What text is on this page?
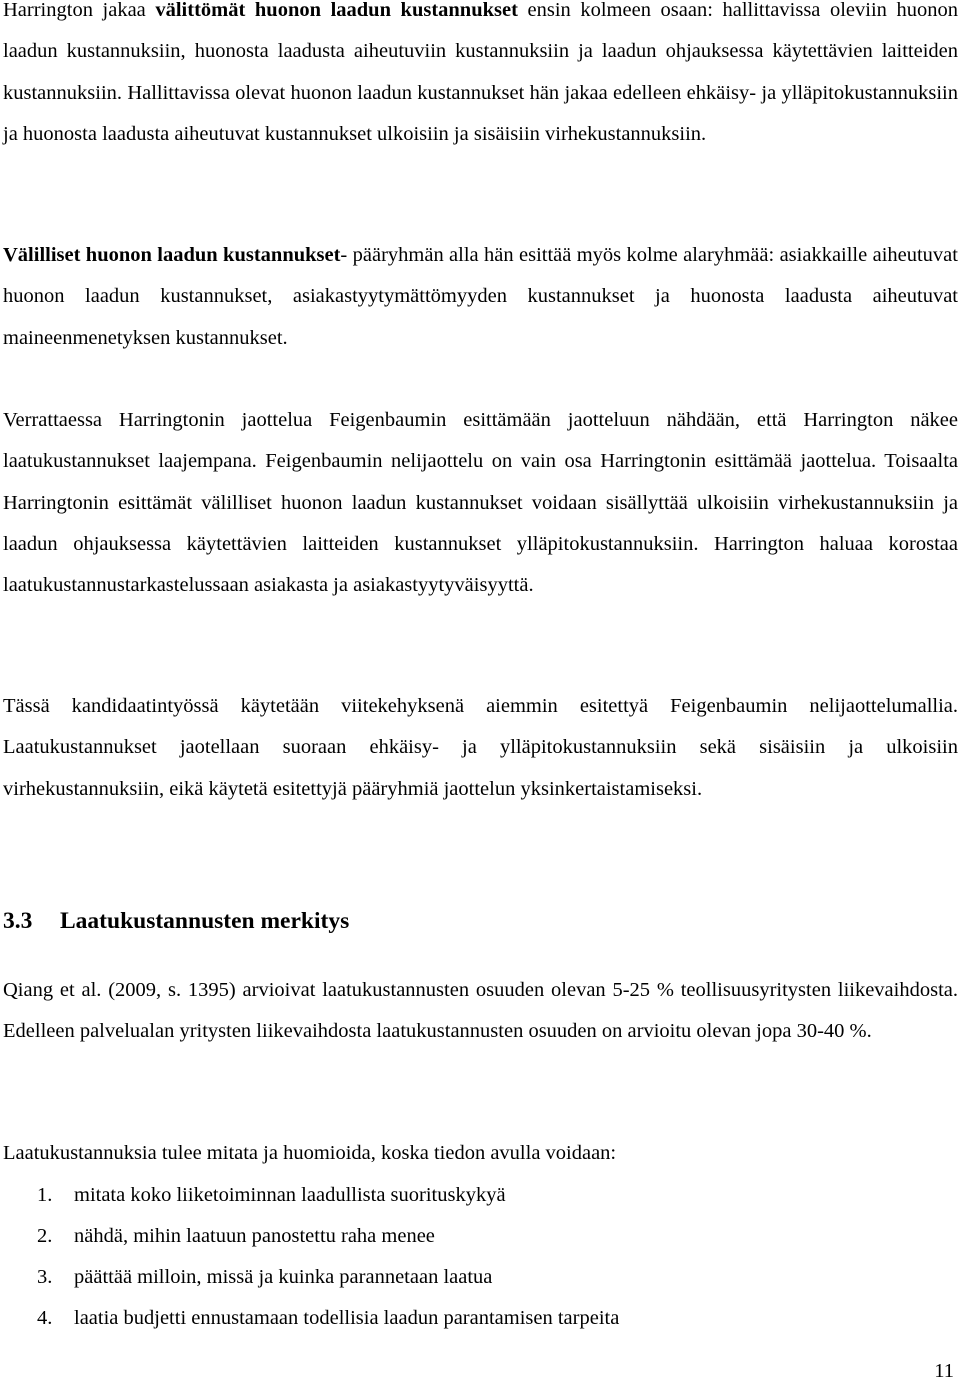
Harrington jakaa välittömät huonon laadun kustannukset ensin kolmeen osaan: hallittavissa oleviin huonon laadun kustannuksiin, huonosta laadusta aiheutuviin kustannuksiin ja laadun ohjauksessa käytettävien laitteiden kustannuksiin. Hallittavissa olevat huonon laadun kustannukset hän jakaa edelleen ehkäisy- ja ylläpitokustannuksiin ja huonosta laadusta aiheutuvat kustannukset ulkoisiin ja sisäisiin virhekustannuksiin.

Välilliset huonon laadun kustannukset- pääryhmän alla hän esittää myös kolme alaryhmää: asiakkaille aiheutuvat huonon laadun kustannukset, asiakastyytymättömyyden kustannukset ja huonosta laadusta aiheutuvat maineenmenetyksen kustannukset.

Verrattaessa Harringtonin jaottelua Feigenbaumin esittämään jaotteluun nähdään, että Harrington näkee laatukustannukset laajempana. Feigenbaumin nelijaottelu on vain osa Harringtonin esittämää jaottelua. Toisaalta Harringtonin esittämät välilliset huonon laadun kustannukset voidaan sisällyttää ulkoisiin virhekustannuksiin ja laadun ohjauksessa käytettävien laitteiden kustannukset ylläpitokustannuksiin. Harrington haluaa korostaa laatukustannustarkastelussaan asiakasta ja asiakastyytyväisyyttä.

Tässä kandidaatintyössä käytetään viitekehyksenä aiemmin esitettyä Feigenbaumin nelijaottelumallia. Laatukustannukset jaotellaan suoraan ehkäisy- ja ylläpitokustannuksiin sekä sisäisiin ja ulkoisiin virhekustannuksiin, eikä käytetä esitettyjä pääryhmiä jaottelun yksinkertaistamiseksi.

3.3 Laatukustannusten merkitys

Qiang et al. (2009, s. 1395) arvioivat laatukustannusten osuuden olevan 5-25 % teollisuusyritysten liikevaihdosta. Edelleen palvelualan yritysten liikevaihdosta laatukustannusten osuuden on arvioitu olevan jopa 30-40 %.

Laatukustannuksia tulee mitata ja huomioida, koska tiedon avulla voidaan:

1.	mitata koko liiketoiminnan laadullista suorituskykyä
2.	nähdä, mihin laatuun panostettu raha menee
3.	päättää milloin, missä ja kuinka parannetaan laatua
4.	laatia budjetti ennustamaan todellisia laadun parantamisen tarpeita
11
